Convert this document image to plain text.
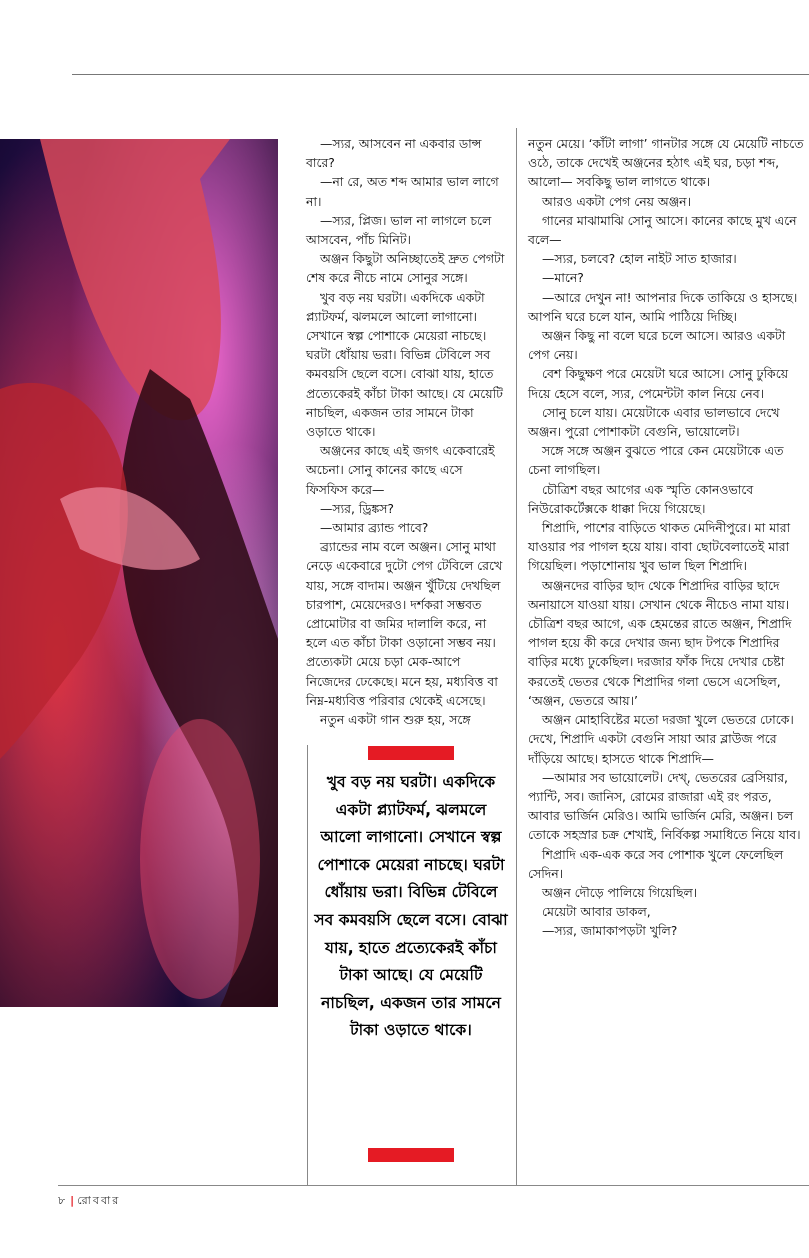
—স্যর, আসবেন না একবার ডান্স বারে?

—না রে, অত শব্দ আমার ভাল লাগে না।

—স্যর, প্লিজ। ভাল না লাগলে চলে আসবেন, পাঁচ মিনিট।

অঞ্জন কিছুটা অনিচ্ছাতেই দ্রুত পেগটা শেষ করে নীচে নামে সোনুর সঙ্গে।

খুব বড় নয় ঘরটা। একদিকে একটা প্ল্যাটফর্ম, ঝলমলে আলো লাগানো। সেখানে স্বল্প পোশাকে মেয়েরা নাচছে। ঘরটা ধোঁয়ায় ভরা। বিভিন্ন টেবিলে সব কমবয়সি ছেলে বসে। বোঝা যায়, হাতে প্রত্যেকেরই কাঁচা টাকা আছে। যে মেয়েটি নাচছিল, একজন তার সামনে টাকা ওড়াতে থাকে।

অঞ্জনের কাছে এই জগৎ একেবারেই অচেনা। সোনু কানের কাছে এসে ফিসফিস করে—

—স্যর, ড্রিঙ্কস?

—আমার ব্র্যান্ড পাবে?

ব্র্যান্ডের নাম বলে অঞ্জন। সোনু মাথা নেড়ে একেবারে দুটো পেগ টেবিলে রেখে যায়, সঙ্গে বাদাম। অঞ্জন খুঁটিয়ে দেখছিল চারপাশ, মেয়েদেরও। দর্শকরা সম্ভবত প্রোমোটার বা জমির দালালি করে, না হলে এত কাঁচা টাকা ওড়ানো সম্ভব নয়। প্রত্যেকটা মেয়ে চড়া মেক-আপে নিজেদের ঢেকেছে। মনে হয়, মধ্যবিত্ত বা নিম্ন-মধ্যবিত্ত পরিবার থেকেই এসেছে।

নতুন একটা গান শুরু হয়, সঙ্গে

খুব বড় নয় ঘরটা। একদিকে একটা প্ল্যাটফর্ম, ঝলমলে আলো লাগানো। সেখানে স্বল্প পোশাকে মেয়েরা নাচছে। ঘরটা ধোঁয়ায় ভরা। বিভিন্ন টেবিলে সব কমবয়সি ছেলে বসে। বোঝা যায়, হাতে প্রত্যেকেরই কাঁচা টাকা আছে। যে মেয়েটি নাচছিল, একজন তার সামনে টাকা ওড়াতে থাকে।

নতুন মেয়ে। ‘কাঁটা লাগা’ গানটার সঙ্গে যে মেয়েটি নাচতে ওঠে, তাকে দেখেই অঞ্জনের হঠাৎ এই ঘর, চড়া শব্দ, আলো— সবকিছু ভাল লাগতে থাকে।

আরও একটা পেগ নেয় অঞ্জন।

গানের মাঝামাঝি সোনু আসে। কানের কাছে মুখ এনে বলে—

—স্যর, চলবে? হোল নাইট সাত হাজার।

—মানে?

—আরে দেখুন না! আপনার দিকে তাকিয়ে ও হাসছে। আপনি ঘরে চলে যান, আমি পাঠিয়ে দিচ্ছি।

অঞ্জন কিছু না বলে ঘরে চলে আসে। আরও একটা পেগ নেয়।

বেশ কিছুক্ষণ পরে মেয়েটা ঘরে আসে। সোনু ঢুকিয়ে দিয়ে হেসে বলে, স্যর, পেমেন্টটা কাল নিয়ে নেব।

সোনু চলে যায়। মেয়েটাকে এবার ভালভাবে দেখে অঞ্জন। পুরো পোশাকটা বেগুনি, ভায়োলেট।

সঙ্গে সঙ্গে অঞ্জন বুঝতে পারে কেন মেয়েটাকে এত চেনা লাগছিল।

চৌত্রিশ বছর আগের এক স্মৃতি কোনওভাবে নিউরোকর্টেক্সকে ধাক্কা দিয়ে গিয়েছে।

শিপ্রাদি, পাশের বাড়িতে থাকত মেদিনীপুরে। মা মারা যাওয়ার পর পাগল হয়ে যায়। বাবা ছোটবেলাতেই মারা গিয়েছিল। পড়াশোনায় খুব ভাল ছিল শিপ্রাদি।

অঞ্জনদের বাড়ির ছাদ থেকে শিপ্রাদির বাড়ির ছাদে অনায়াসে যাওয়া যায়। সেখান থেকে নীচেও নামা যায়। চৌত্রিশ বছর আগে, এক হেমন্তের রাতে অঞ্জন, শিপ্রাদি পাগল হয়ে কী করে দেখার জন্য ছাদ টপকে শিপ্রাদির বাড়ির মধ্যে ঢুকেছিল। দরজার ফাঁক দিয়ে দেখার চেষ্টা করতেই ভেতর থেকে শিপ্রাদির গলা ভেসে এসেছিল, ‘অঞ্জন, ভেতরে আয়।’

অঞ্জন মোহাবিষ্টের মতো দরজা খুলে ভেতরে ঢোকে। দেখে, শিপ্রাদি একটা বেগুনি সায়া আর ব্লাউজ পরে দাঁড়িয়ে আছে। হাসতে থাকে শিপ্রাদি—

—আমার সব ভায়োলেট। দেখ্, ভেতরের ব্রেসিয়ার, প্যান্টি, সব। জানিস, রোমের রাজারা এই রং পরত, আবার ভার্জিন মেরিও। আমি ভার্জিন মেরি, অঞ্জন। চল তোকে সহস্রার চক্র শেখাই, নির্বিকল্প সমাধিতে নিয়ে যাব।

শিপ্রাদি এক-এক করে সব পোশাক খুলে ফেলেছিল সেদিন।

অঞ্জন দৌড়ে পালিয়ে গিয়েছিল।

মেয়েটা আবার ডাকল,

—স্যর, জামাকাপড়টা খুলি?

৮ | রোববার
